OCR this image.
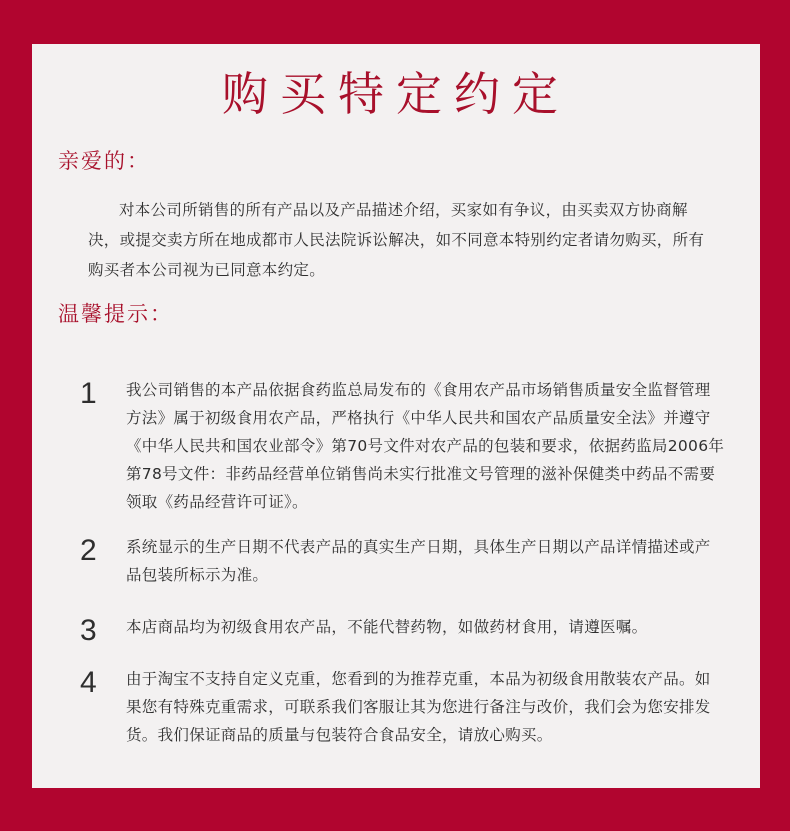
购买特定约定
亲爱的：
对本公司所销售的所有产品以及产品描述介绍，买家如有争议，由买卖双方协商解决，或提交卖方所在地成都市人民法院诉讼解决，如不同意本特别约定者请勿购买，所有购买者本公司视为已同意本约定。
温馨提示：
1	我公司销售的本产品依据食药监总局发布的《食用农产品市场销售质量安全监督管理方法》属于初级食用农产品，严格执行《中华人民共和国农产品质量安全法》并遵守《中华人民共和国农业部令》第70号文件对农产品的包装和要求，依据药监局2006年第78号文件：非药品经营单位销售尚未实行批准文号管理的滋补保健类中药品不需要领取《药品经营许可证》。
2	系统显示的生产日期不代表产品的真实生产日期，具体生产日期以产品详情描述或产品包装所标示为准。
3	本店商品均为初级食用农产品，不能代替药物，如做药材食用，请遵医嘱。
4	由于淘宝不支持自定义克重，您看到的为推荐克重，本品为初级食用散装农产品。如果您有特殊克重需求，可联系我们客服让其为您进行备注与改价，我们会为您安排发货。我们保证商品的质量与包装符合食品安全，请放心购买。
